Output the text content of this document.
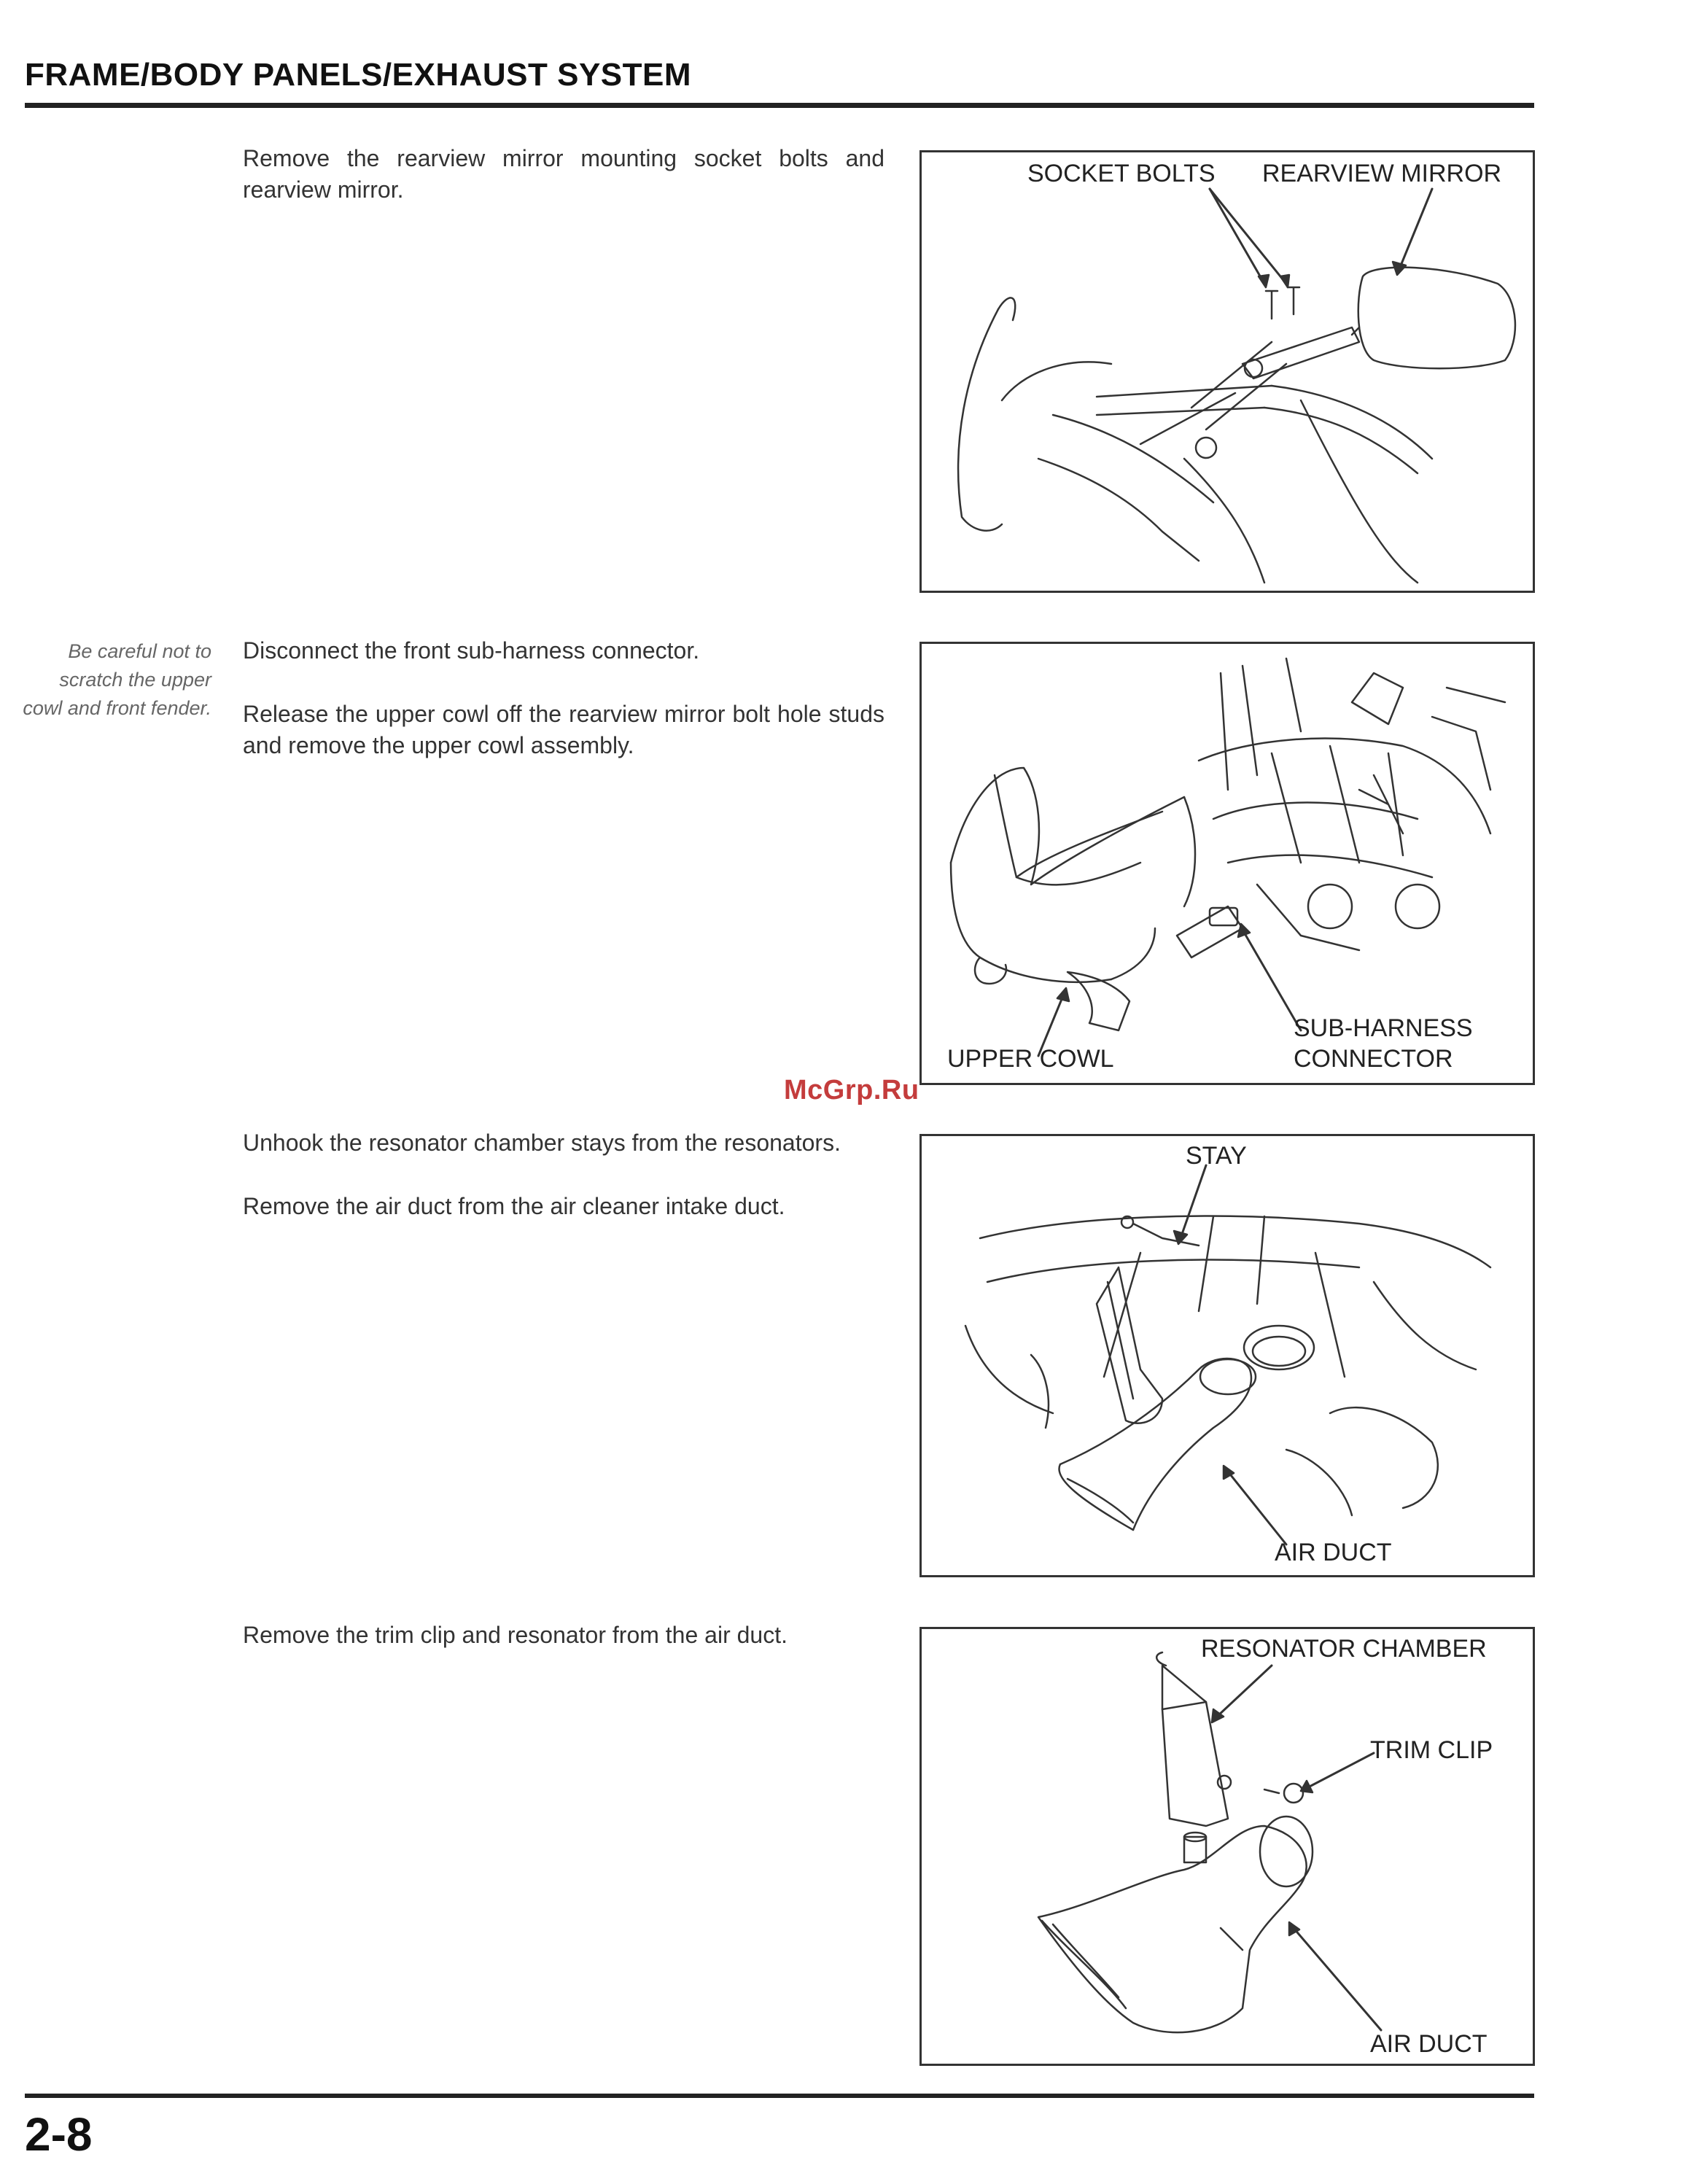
FRAME/BODY PANELS/EXHAUST SYSTEM

Remove the rearview mirror mounting socket bolts and rearview mirror.

SOCKET BOLTS REARVIEW MIRROR
Be careful not to scratch the upper cowl and front fender.

Disconnect the front sub-harness connector.

Release the upper cowl off the rearview mirror bolt hole studs and remove the upper cowl assembly.

UPPER COWL
SUB-HARNESS
CONNECTOR
McGrp.Ru

Unhook the resonator chamber stays from the resonators.

Remove the air duct from the air cleaner intake duct.

STAY
AIR DUCT

Remove the trim clip and resonator from the air duct.	RESONATOR CHAMBER
TRIM CLIP
AIR DUCT
2-8
